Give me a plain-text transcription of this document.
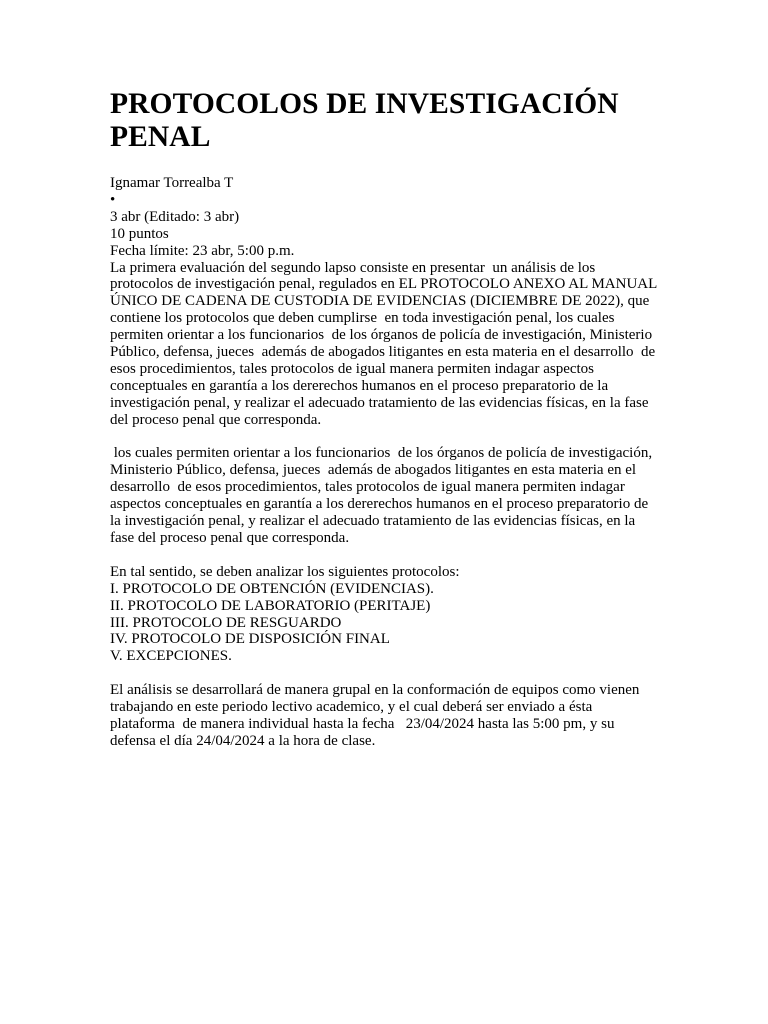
PROTOCOLOS DE INVESTIGACIÓN PENAL
Ignamar Torrealba T
•
3 abr (Editado: 3 abr)
10 puntos
Fecha límite: 23 abr, 5:00 p.m.
La primera evaluación del segundo lapso consiste en presentar  un análisis de los protocolos de investigación penal, regulados en EL PROTOCOLO ANEXO AL MANUAL ÚNICO DE CADENA DE CUSTODIA DE EVIDENCIAS (DICIEMBRE DE 2022), que contiene los protocolos que deben cumplirse  en toda investigación penal, los cuales permiten orientar a los funcionarios  de los órganos de policía de investigación, Ministerio Público, defensa, jueces  además de abogados litigantes en esta materia en el desarrollo  de esos procedimientos, tales protocolos de igual manera permiten indagar aspectos conceptuales en garantía a los dererechos humanos en el proceso preparatorio de la investigación penal, y realizar el adecuado tratamiento de las evidencias físicas, en la fase del proceso penal que corresponda.
los cuales permiten orientar a los funcionarios  de los órganos de policía de investigación, Ministerio Público, defensa, jueces  además de abogados litigantes en esta materia en el desarrollo  de esos procedimientos, tales protocolos de igual manera permiten indagar aspectos conceptuales en garantía a los dererechos humanos en el proceso preparatorio de la investigación penal, y realizar el adecuado tratamiento de las evidencias físicas, en la fase del proceso penal que corresponda.
En tal sentido, se deben analizar los siguientes protocolos:
I. PROTOCOLO DE OBTENCIÓN (EVIDENCIAS).
II. PROTOCOLO DE LABORATORIO (PERITAJE)
III. PROTOCOLO DE RESGUARDO
IV. PROTOCOLO DE DISPOSICIÓN FINAL
V. EXCEPCIONES.
El análisis se desarrollará de manera grupal en la conformación de equipos como vienen trabajando en este periodo lectivo academico, y el cual deberá ser enviado a ésta plataforma  de manera individual hasta la fecha   23/04/2024 hasta las 5:00 pm, y su defensa el día 24/04/2024 a la hora de clase.
